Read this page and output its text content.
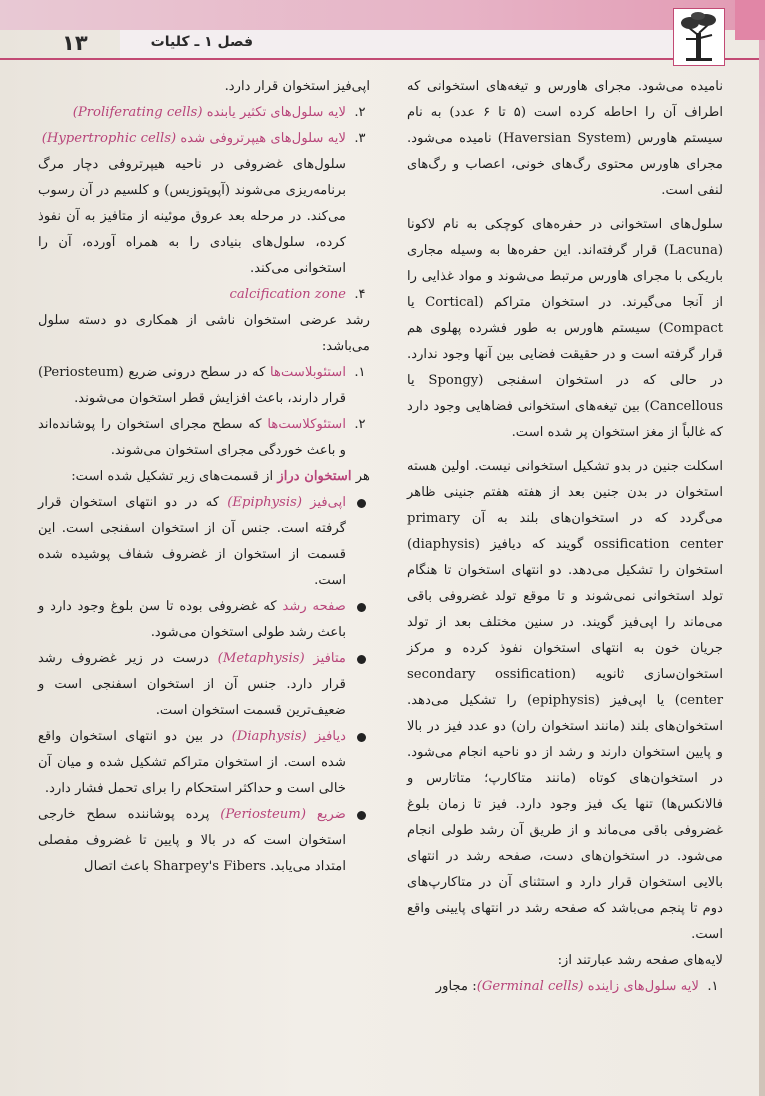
۱۳	فصل ۱ ـ کلیات

نامیده می‌شود. مجرای هاورس و تیغه‌های استخوانی که اطراف آن را احاطه کرده است (۵ تا ۶ عدد) به نام سیستم هاورس (Haversian System) نامیده می‌شود. مجرای هاورس محتوی رگ‌های خونی، اعصاب و رگ‌های لنفی است.

سلول‌های استخوانی در حفره‌های کوچکی به نام لاکونا (Lacuna) قرار گرفته‌اند. این حفره‌ها به وسیله مجاری باریکی با مجرای هاورس مرتبط می‌شوند و مواد غذایی را از آنجا می‌گیرند. در استخوان متراکم (Cortical یا Compact) سیستم هاورس به طور فشرده پهلوی هم قرار گرفته است و در حقیقت فضایی بین آنها وجود ندارد. در حالی که در استخوان اسفنجی (Spongy یا Cancellous) بین تیغه‌های استخوانی فضاهایی وجود دارد که غالباً از مغز استخوان پر شده است.

اسکلت جنین در بدو تشکیل استخوانی نیست. اولین هسته استخوان در بدن جنین بعد از هفته هفتم جنینی ظاهر می‌گردد که در استخوان‌های بلند به آن primary ossification center گویند که دیافیز (diaphysis) استخوان را تشکیل می‌دهد. دو انتهای استخوان تا هنگام تولد استخوانی نمی‌شوند و تا موقع تولد غضروفی باقی می‌ماند را اپی‌فیز گویند. در سنین مختلف بعد از تولد جریان خون به انتهای استخوان نفوذ کرده و مرکز استخوان‌سازی ثانویه (secondary ossification center) یا اپی‌فیز (epiphysis) را تشکیل می‌دهد. استخوان‌های بلند (مانند استخوان ران) دو عدد فیز در بالا و پایین استخوان دارند و رشد از دو ناحیه انجام می‌شود. در استخوان‌های کوتاه (مانند متاکارپ؛ متاتارس و فالانکس‌ها) تنها یک فیز وجود دارد. فیز تا زمان بلوغ غضروفی باقی می‌ماند و از طریق آن رشد طولی انجام می‌شود. در استخوان‌های دست، صفحه رشد در انتهای بالایی استخوان قرار دارد و استثنای آن در متاکارپ‌های دوم تا پنجم می‌باشد که صفحه رشد در انتهای پایینی واقع است.

لایه‌های صفحه رشد عبارتند از:

۱.
لایه سلول‌های زاینده (Germinal cells): مجاور

اپی‌فیز استخوان قرار دارد.

۲.
لایه سلول‌های تکثیر یابنده (Proliferating cells)

۳.
لایه سلول‌های هیپرتروفی شده (Hypertrophic cells)
سلول‌های غضروفی در ناحیه هیپرتروفی دچار مرگ برنامه‌ریزی می‌شوند (آپوپتوزیس) و کلسیم در آن رسوب می‌کند. در مرحله بعد عروق موئینه از متافیز به آن نفوذ کرده، سلول‌های بنیادی را به همراه آورده، آن را استخوانی می‌کند.

۴.
calcification zone

رشد عرضی استخوان ناشی از همکاری دو دسته سلول می‌باشد:

۱.
استئوبلاست‌ها که در سطح درونی ضریع (Periosteum) قرار دارند، باعث افزایش قطر استخوان می‌شوند.

۲.
استئوکلاست‌ها که سطح مجرای استخوان را پوشانده‌اند و باعث خوردگی مجرای استخوان می‌شوند.

هر استخوان دراز از قسمت‌های زیر تشکیل شده است:

اپی‌فیز (Epiphysis) که در دو انتهای استخوان قرار گرفته است. جنس آن از استخوان اسفنجی است. این قسمت از استخوان از غضروف شفاف پوشیده شده است.

صفحه رشد که غضروفی بوده تا سن بلوغ وجود دارد و باعث رشد طولی استخوان می‌شود.

متافیز (Metaphysis) درست در زیر غضروف رشد قرار دارد. جنس آن از استخوان اسفنجی است و ضعیف‌ترین قسمت استخوان است.

دیافیز (Diaphysis) در بین دو انتهای استخوان واقع شده است. از استخوان متراکم تشکیل شده و میان آن خالی است و حداکثر استحکام را برای تحمل فشار دارد.

ضریع (Periosteum) پرده پوشاننده سطح خارجی استخوان است که در بالا و پایین تا غضروف مفصلی امتداد می‌یابد. Sharpey's Fibers باعث اتصال
